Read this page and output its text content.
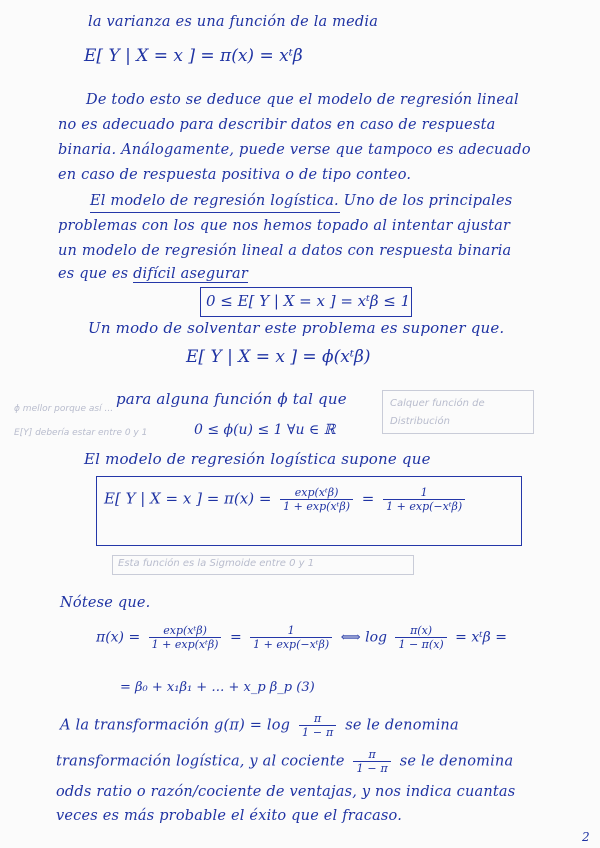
la varianza es una función de la media
E[ Y | X = x ] = π(x) = xᵗβ
De todo esto se deduce que el modelo de regresión lineal
no es adecuado para describir datos en caso de respuesta
binaria. Análogamente, puede verse que tampoco es adecuado
en caso de respuesta positiva o de tipo conteo.
El modelo de regresión logística. Uno de los principales
problemas con los que nos hemos topado al intentar ajustar
un modelo de regresión lineal a datos con respuesta binaria
es que es difícil asegurar
0 ≤ E[ Y | X = x ] = xᵗβ ≤ 1
Un modo de solventar este problema es suponer que.
E[ Y | X = x ] = ϕ(xᵗβ)
para alguna función ϕ tal que
ϕ mellor porque así ...
E[Y] debería estar entre 0 y 1	0 ≤ ϕ(u) ≤ 1 ∀u ∈ ℝ
Calquer función de
Distribución
El modelo de regresión logística supone que
E[ Y | X = x ] = $\pi(x) = \frac{\text{exp(xᵗβ)}}{\text{1 + exp(xᵗβ)}} = \frac{1}{\text{1 + exp(−xᵗβ)}}$
Esta función es la Sigmoide entre 0 y 1
Nótese que.
$\pi(x) = \frac{\text{exp(xᵗβ)}}{\text{1 + exp(xᵗβ)}} = \frac{1}{\text{1 + exp(−xᵗβ)}}$ ⟺ $\log \frac{\pi(x)}{1 - \pi(x)}$ = xᵗβ =
= β₀ + x₁β₁ + … + x_p β_p (3)
A la transformación $g(\pi) = \log \frac{\pi}{1 - \pi}$ se le denomina
transformación logística, y al cociente $\frac{\pi}{1 - \pi}$ se le denomina
odds ratio o razón/cociente de ventajas, y nos indica cuantas
veces es más probable el éxito que el fracaso.
2
